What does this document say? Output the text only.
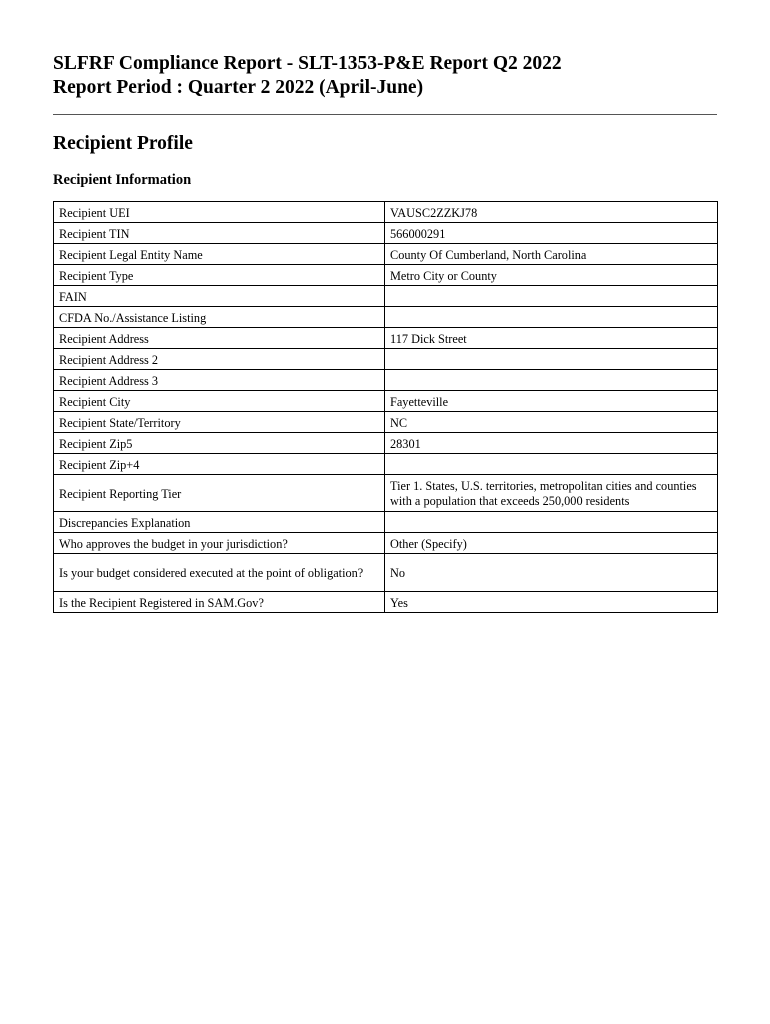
SLFRF Compliance Report - SLT-1353-P&E Report Q2 2022

Report Period : Quarter 2 2022 (April-June)

Recipient Profile
Recipient Information
Recipient UEI	VAUSC2ZZKJ78
Recipient TIN	566000291
Recipient Legal Entity Name	County Of Cumberland, North Carolina
Recipient Type	Metro City or County
FAIN	
CFDA No./Assistance Listing	
Recipient Address	117 Dick Street
Recipient Address 2	
Recipient Address 3	
Recipient City	Fayetteville
Recipient State/Territory	NC
Recipient Zip5	28301
Recipient Zip+4	
Recipient Reporting Tier	Tier 1. States, U.S. territories, metropolitan cities and counties with a population that exceeds 250,000 residents
Discrepancies Explanation	
Who approves the budget in your jurisdiction?	Other (Specify)
Is your budget considered executed at the point of obligation?	No
Is the Recipient Registered in SAM.Gov?	Yes
